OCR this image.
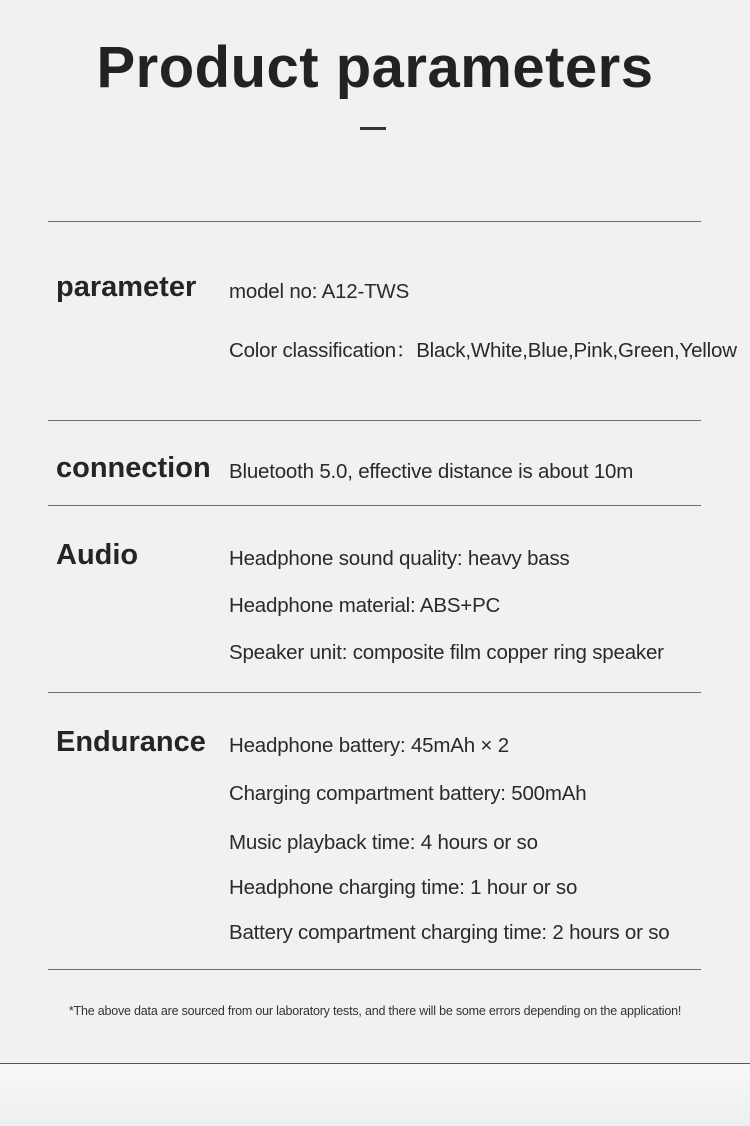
Product parameters
parameter model no: A12-TWS
Color classification：Black,White,Blue,Pink,Green,Yellow
connection Bluetooth 5.0, effective distance is about 10m
Audio	Headphone sound quality: heavy bass
Headphone material: ABS+PC
Speaker unit: composite film copper ring speaker
Endurance Headphone battery: 45mAh × 2
Charging compartment battery: 500mAh
Music playback time: 4 hours or so
Headphone charging time: 1 hour or so
Battery compartment charging time: 2 hours or so
*The above data are sourced from our laboratory tests, and there will be some errors depending on the application!
